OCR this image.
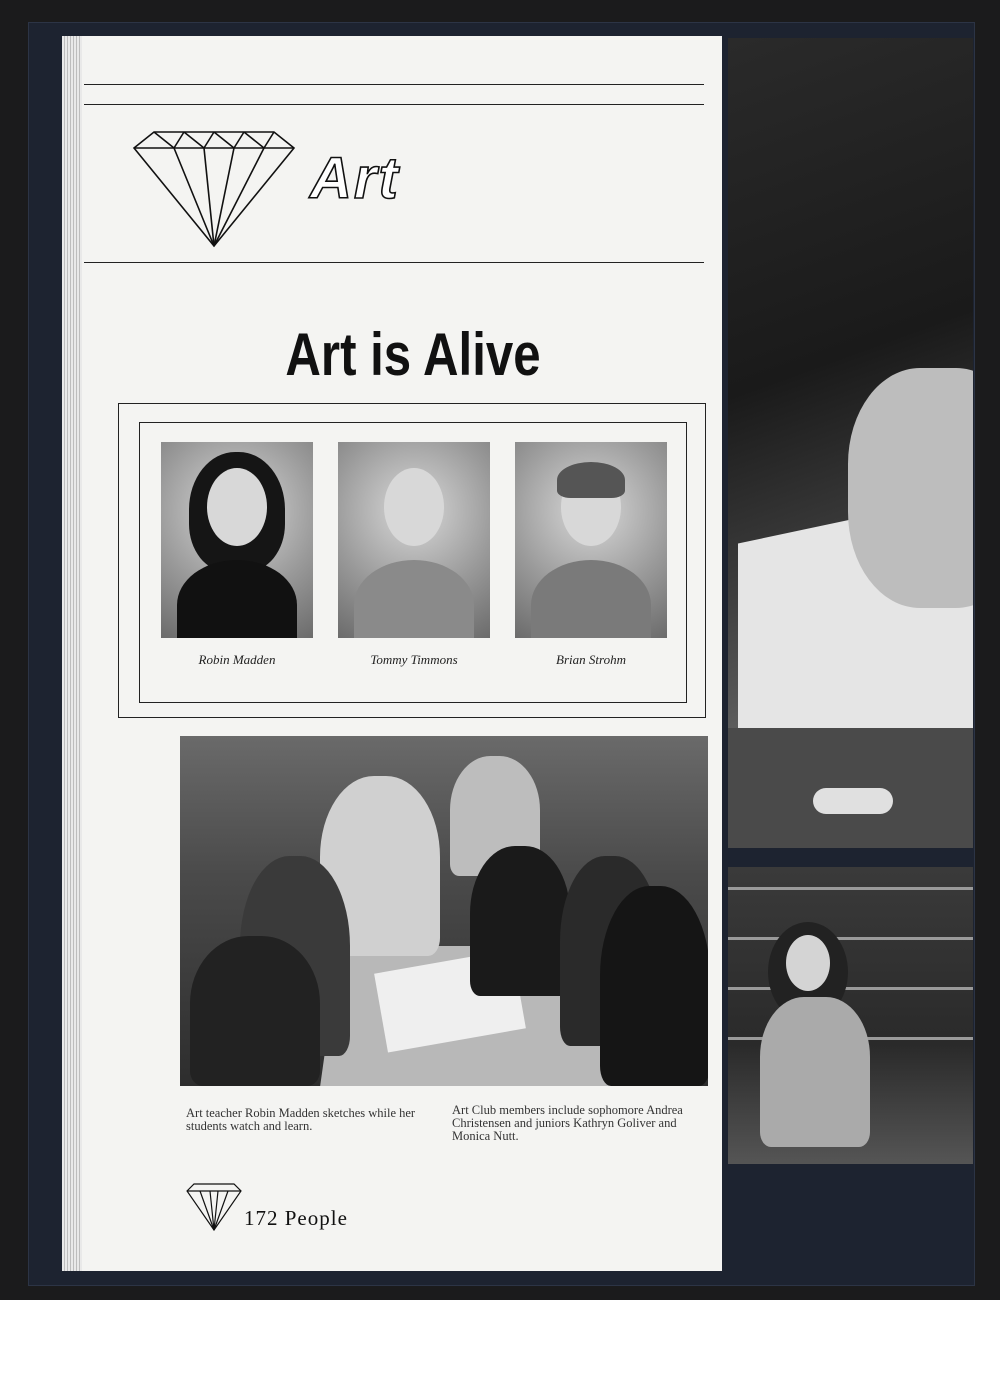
Art

Art is Alive

Robin Madden	Tommy Timmons	Brian Strohm

Art teacher Robin Madden sketches while her students watch and learn.

Art Club members include sophomore Andrea Christensen and juniors Kathryn Goliver and Monica Nutt.

172 People
